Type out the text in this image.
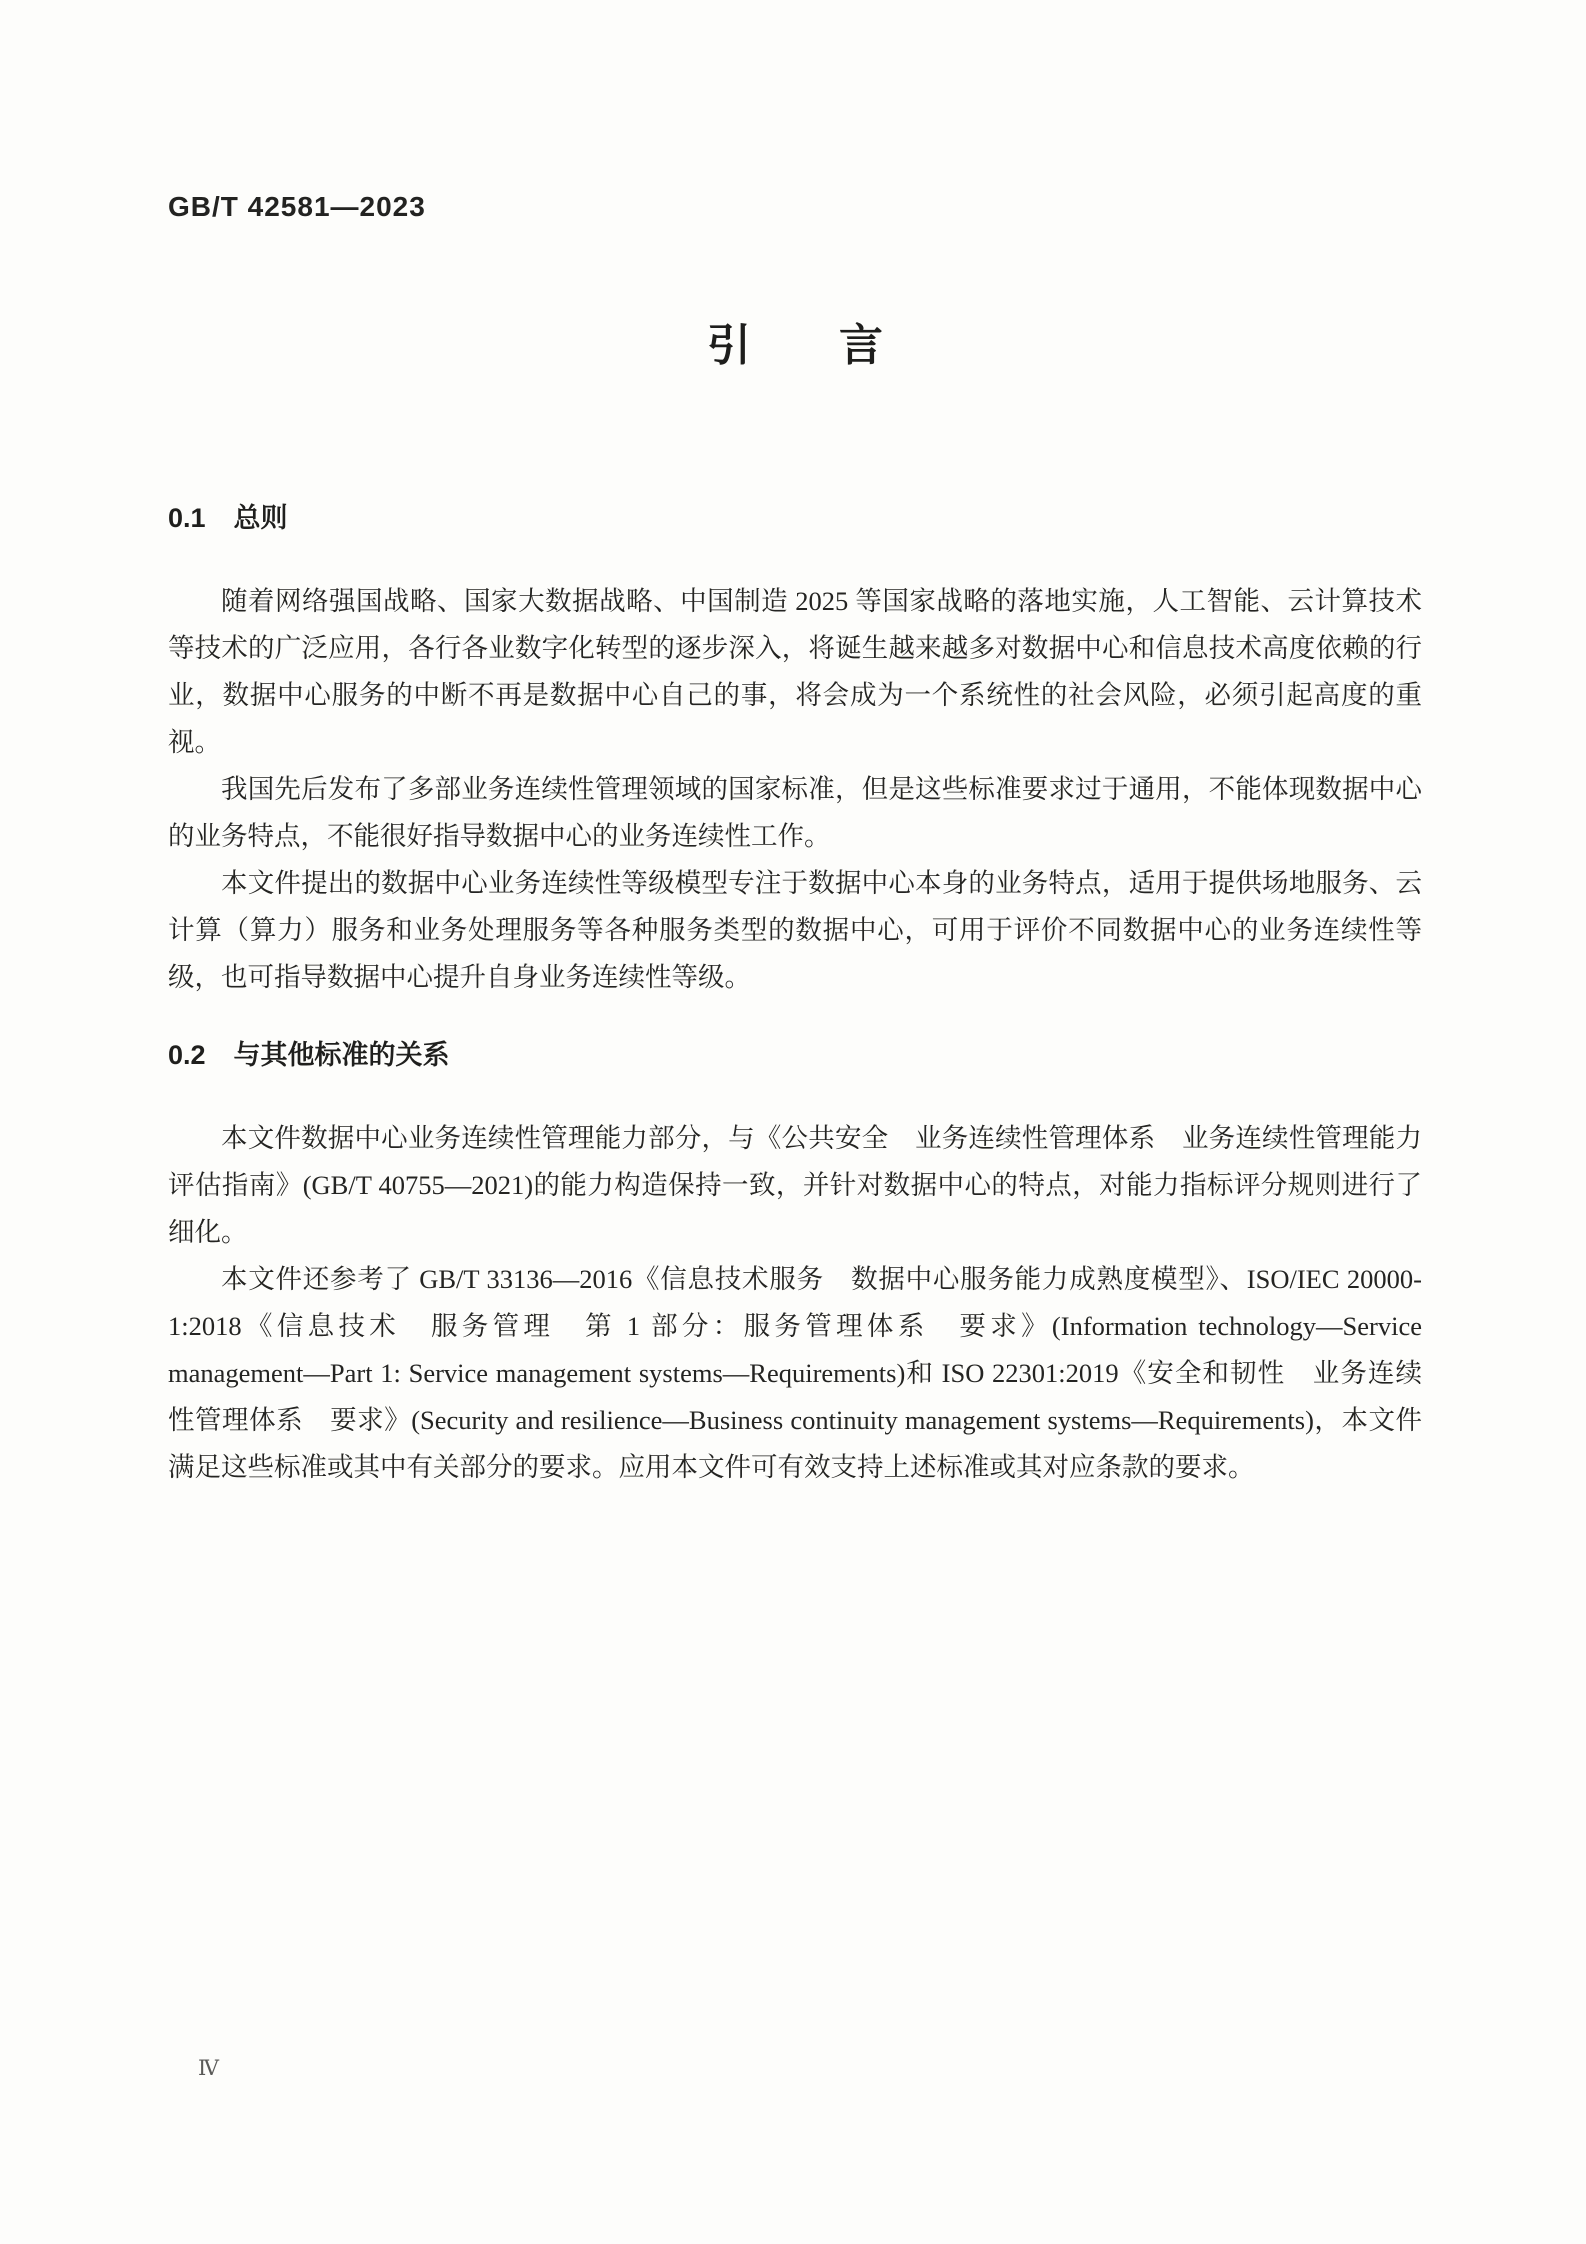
GB/T 42581—2023
引　　言
0.1 总则

随着网络强国战略、国家大数据战略、中国制造 2025 等国家战略的落地实施，人工智能、云计算技术等技术的广泛应用，各行各业数字化转型的逐步深入，将诞生越来越多对数据中心和信息技术高度依赖的行业，数据中心服务的中断不再是数据中心自己的事，将会成为一个系统性的社会风险，必须引起高度的重视。

我国先后发布了多部业务连续性管理领域的国家标准，但是这些标准要求过于通用，不能体现数据中心的业务特点，不能很好指导数据中心的业务连续性工作。

本文件提出的数据中心业务连续性等级模型专注于数据中心本身的业务特点，适用于提供场地服务、云计算（算力）服务和业务处理服务等各种服务类型的数据中心，可用于评价不同数据中心的业务连续性等级，也可指导数据中心提升自身业务连续性等级。

0.2 与其他标准的关系

本文件数据中心业务连续性管理能力部分，与《公共安全　业务连续性管理体系　业务连续性管理能力评估指南》(GB/T 40755—2021)的能力构造保持一致，并针对数据中心的特点，对能力指标评分规则进行了细化。

本文件还参考了 GB/T 33136—2016《信息技术服务　数据中心服务能力成熟度模型》、ISO/IEC 20000-1:2018《信息技术　服务管理　第 1 部分：服务管理体系　要求》(Information technology—Service management—Part 1: Service management systems—Requirements)和 ISO 22301:2019《安全和韧性　业务连续性管理体系　要求》(Security and resilience—Business continuity management systems—Requirements)，本文件满足这些标准或其中有关部分的要求。应用本文件可有效支持上述标准或其对应条款的要求。

Ⅳ
